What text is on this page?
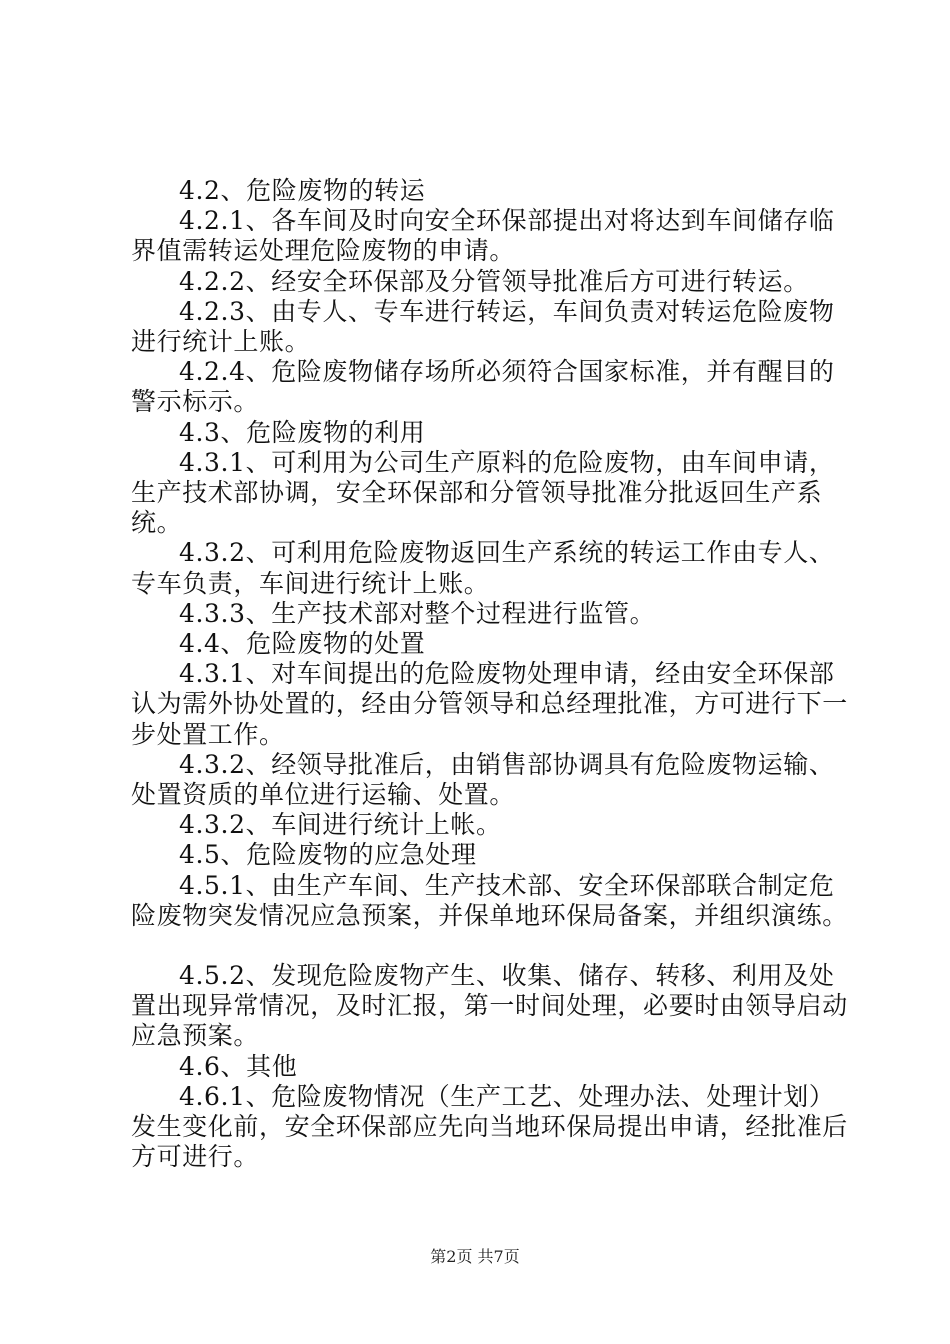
4.2、危险废物的转运

4.2.1、各车间及时向安全环保部提出对将达到车间储存临界值需转运处理危险废物的申请。

4.2.2、经安全环保部及分管领导批准后方可进行转运。

4.2.3、由专人、专车进行转运，车间负责对转运危险废物进行统计上账。

4.2.4、危险废物储存场所必须符合国家标准，并有醒目的警示标示。

4.3、危险废物的利用

4.3.1、可利用为公司生产原料的危险废物，由车间申请，生产技术部协调，安全环保部和分管领导批准分批返回生产系统。

4.3.2、可利用危险废物返回生产系统的转运工作由专人、专车负责，车间进行统计上账。

4.3.3、生产技术部对整个过程进行监管。

4.4、危险废物的处置

4.3.1、对车间提出的危险废物处理申请，经由安全环保部认为需外协处置的，经由分管领导和总经理批准，方可进行下一步处置工作。

4.3.2、经领导批准后，由销售部协调具有危险废物运输、处置资质的单位进行运输、处置。

4.3.2、车间进行统计上帐。

4.5、危险废物的应急处理

4.5.1、由生产车间、生产技术部、安全环保部联合制定危险废物突发情况应急预案，并保单地环保局备案，并组织演练。

4.5.2、发现危险废物产生、收集、储存、转移、利用及处置出现异常情况，及时汇报，第一时间处理，必要时由领导启动应急预案。

4.6、其他

4.6.1、危险废物情况（生产工艺、处理办法、处理计划）发生变化前，安全环保部应先向当地环保局提出申请，经批准后方可进行。

第2页 共7页
